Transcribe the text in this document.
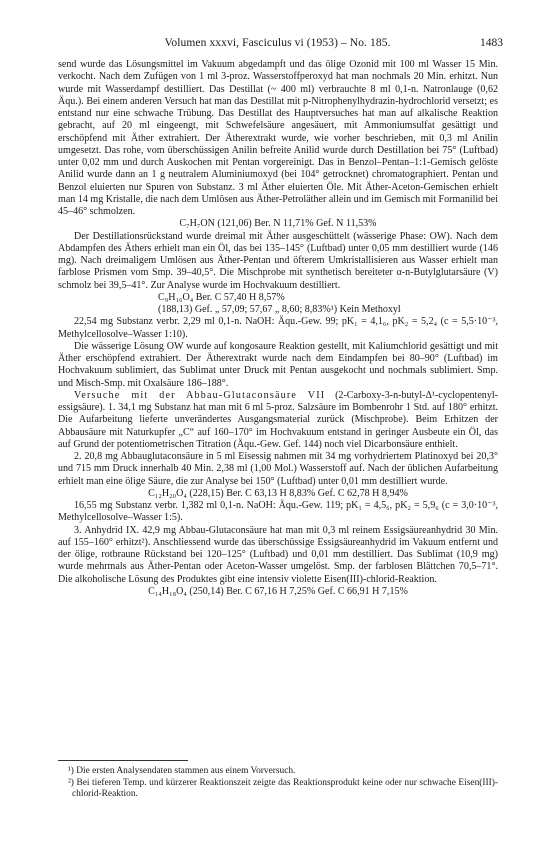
Volumen xxxvi, Fasciculus vi (1953) – No. 185.	1483

send wurde das Lösungsmittel im Vakuum abgedampft und das ölige Ozonid mit 100 ml Wasser 15 Min. verkocht. Nach dem Zufügen von 1 ml 3-proz. Wasserstoffperoxyd hat man nochmals 20 Min. erhitzt. Nun wurde mit Wasserdampf destilliert. Das Destillat (~ 400 ml) verbrauchte 8 ml 0,1-n. Natronlauge (0,62 Äqu.). Bei einem anderen Versuch hat man das Destillat mit p-Nitrophenylhydrazin-hydrochlorid versetzt; es entstand nur eine schwache Trübung. Das Destillat des Hauptversuches hat man auf alkalische Reaktion gebracht, auf 20 ml eingeengt, mit Schwefelsäure angesäuert, mit Ammoniumsulfat gesättigt und erschöpfend mit Äther extrahiert. Der Ätherextrakt wurde, wie vorher beschrieben, mit 0,3 ml Anilin umgesetzt. Das rohe, vom überschüssigen Anilin befreite Anilid wurde durch Destillation bei 75° (Luftbad) unter 0,02 mm und durch Auskochen mit Pentan vorgereinigt. Das in Benzol–Pentan–1:1-Gemisch gelöste Anilid wurde dann an 1 g neutralem Aluminiumoxyd (bei 104° getrocknet) chromatographiert. Pentan und Benzol eluierten nur Spuren von Substanz. 3 ml Äther eluierten Öle. Mit Äther-Aceton-Gemischen erhielt man 14 mg Kristalle, die nach dem Umlösen aus Äther-Petroläther allein und im Gemisch mit Formanilid bei 45–46° schmolzen.

C₇H₇ON (121,06) Ber. N 11,71% Gef. N 11,53%

Der Destillationsrückstand wurde dreimal mit Äther ausgeschüttelt (wässerige Phase: OW). Nach dem Abdampfen des Äthers erhielt man ein Öl, das bei 135–145° (Luftbad) unter 0,05 mm destilliert wurde (146 mg). Nach dreimaligem Umlösen aus Äther-Pentan und öfterem Umkristallisieren aus Wasser erhielt man farblose Prismen vom Smp. 39–40,5°. Die Mischprobe mit synthetisch bereiteter α-n-Butylglutarsäure (V) schmolz bei 39,5–41°. Zur Analyse wurde im Hochvakuum destilliert.

C₉H₁₆O₄ Ber. C 57,40 H 8,57%

(188,13) Gef. „ 57,09; 57,67 „ 8,60; 8,83%¹) Kein Methoxyl

22,54 mg Substanz verbr. 2,29 ml 0,1-n. NaOH: Äqu.-Gew. 99; pK₁ = 4,1₆, pK₂ = 5,2₄ (c = 5,5·10⁻³, Methylcellosolve–Wasser 1:10).

Die wässerige Lösung OW wurde auf kongosaure Reaktion gestellt, mit Kaliumchlorid gesättigt und mit Äther erschöpfend extrahiert. Der Ätherextrakt wurde nach dem Eindampfen bei 80–90° (Luftbad) im Hochvakuum sublimiert, das Sublimat unter Druck mit Pentan ausgekocht und nochmals sublimiert. Smp. und Misch-Smp. mit Oxalsäure 186–188°.

Versuche mit der Abbau-Glutaconsäure VII (2-Carboxy-3-n-butyl-Δ¹-cyclopentenyl-essigsäure). 1. 34,1 mg Substanz hat man mit 6 ml 5-proz. Salzsäure im Bombenrohr 1 Std. auf 180° erhitzt. Die Aufarbeitung lieferte unverändertes Ausgangsmaterial zurück (Mischprobe). Beim Erhitzen der Abbausäure mit Naturkupfer „C“ auf 160–170° im Hochvakuum entstand in geringer Ausbeute ein Öl, das auf Grund der potentiometrischen Titration (Äqu.-Gew. Gef. 144) noch viel Dicarbonsäure enthielt.

2. 20,8 mg Abbauglutaconsäure in 5 ml Eisessig nahmen mit 34 mg vorhydriertem Platinoxyd bei 20,3° und 715 mm Druck innerhalb 40 Min. 2,38 ml (1,00 Mol.) Wasserstoff auf. Nach der üblichen Aufarbeitung erhielt man eine ölige Säure, die zur Analyse bei 150° (Luftbad) unter 0,01 mm destilliert wurde.

C₁₂H₂₀O₄ (228,15) Ber. C 63,13 H 8,83% Gef. C 62,78 H 8,94%

16,55 mg Substanz verbr. 1,382 ml 0,1-n. NaOH: Äqu.-Gew. 119; pK₁ = 4,5₆, pK₂ = 5,9₆ (c = 3,0·10⁻³, Methylcellosolve–Wasser 1:5).

3. Anhydrid IX. 42,9 mg Abbau-Glutaconsäure hat man mit 0,3 ml reinem Essigsäureanhydrid 30 Min. auf 155–160° erhitzt²). Anschliessend wurde das überschüssige Essigsäureanhydrid im Vakuum entfernt und der ölige, rotbraune Rückstand bei 120–125° (Luftbad) und 0,01 mm destilliert. Das Sublimat (10,9 mg) wurde mehrmals aus Äther-Pentan oder Aceton-Wasser umgelöst. Smp. der farblosen Blättchen 70,5–71°. Die alkoholische Lösung des Produktes gibt eine intensiv violette Eisen(III)-chlorid-Reaktion.

C₁₄H₁₈O₄ (250,14) Ber. C 67,16 H 7,25% Gef. C 66,91 H 7,15%

¹) Die ersten Analysendaten stammen aus einem Vorversuch.

²) Bei tieferen Temp. und kürzerer Reaktionszeit zeigte das Reaktionsprodukt keine oder nur schwache Eisen(III)-chlorid-Reaktion.
